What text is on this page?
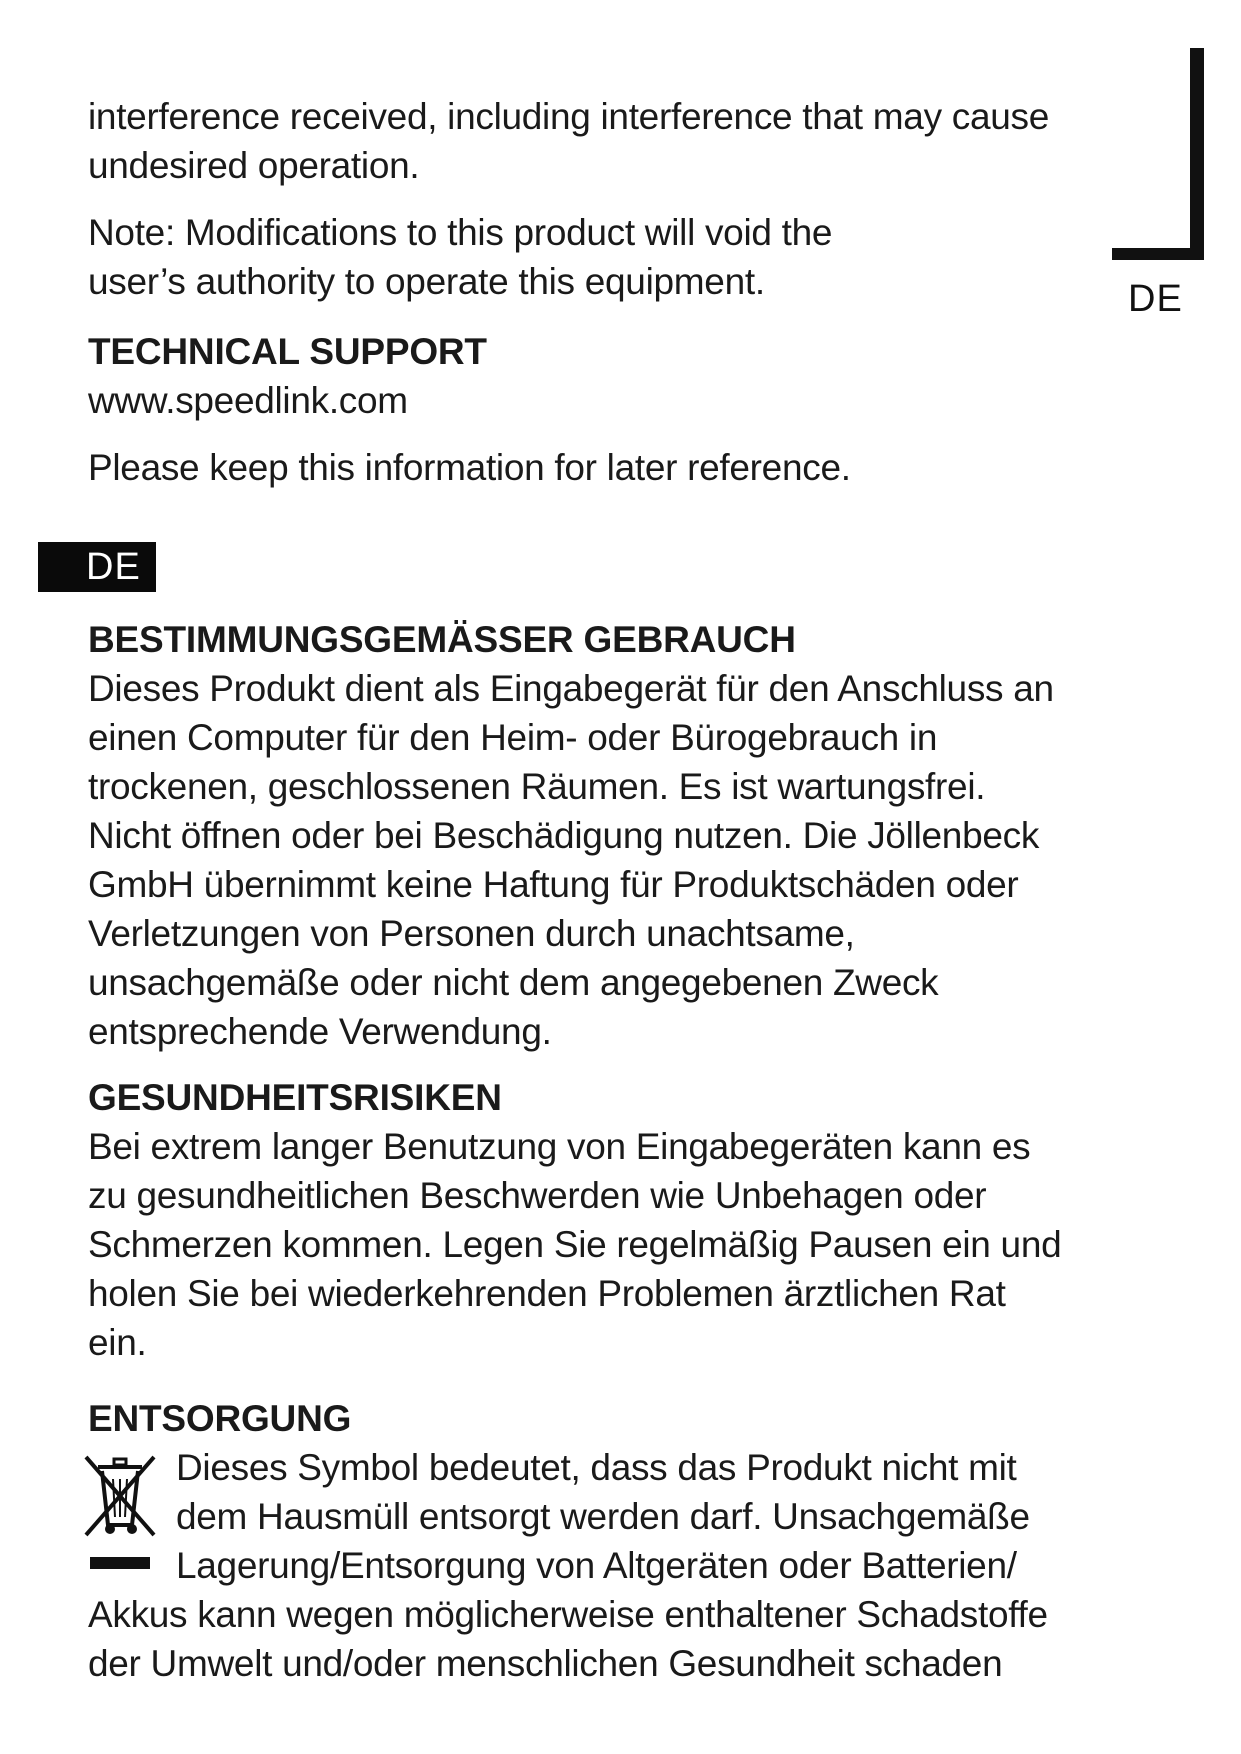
DE

interference received, including interference that may cause undesired operation.

Note: Modifications to this product will void the user’s authority to operate this equipment.

TECHNICAL SUPPORT

www.speedlink.com

Please keep this information for later reference.

DE
BESTIMMUNGSGEMÄSSER GEBRAUCH

Dieses Produkt dient als Eingabegerät für den Anschluss an einen Computer für den Heim- oder Bürogebrauch in trockenen, geschlossenen Räumen. Es ist wartungsfrei. Nicht öffnen oder bei Beschädigung nutzen. Die Jöllenbeck GmbH übernimmt keine Haftung für Produktschäden oder Verletzungen von Personen durch unachtsame, unsachgemäße oder nicht dem angegebenen Zweck entsprechende Verwendung.

GESUNDHEITSRISIKEN

Bei extrem langer Benutzung von Eingabegeräten kann es zu gesundheitlichen Beschwerden wie Unbehagen oder Schmerzen kommen. Legen Sie regelmäßig Pausen ein und holen Sie bei wiederkehrenden Problemen ärztlichen Rat ein.

ENTSORGUNG

Dieses Symbol bedeutet, dass das Produkt nicht mit

dem Hausmüll entsorgt werden darf. Unsachgemäße

Lagerung/Entsorgung von Altgeräten oder Batterien/

Akkus kann wegen möglicherweise enthaltener Schadstoffe der Umwelt und/oder menschlichen Gesundheit schaden
